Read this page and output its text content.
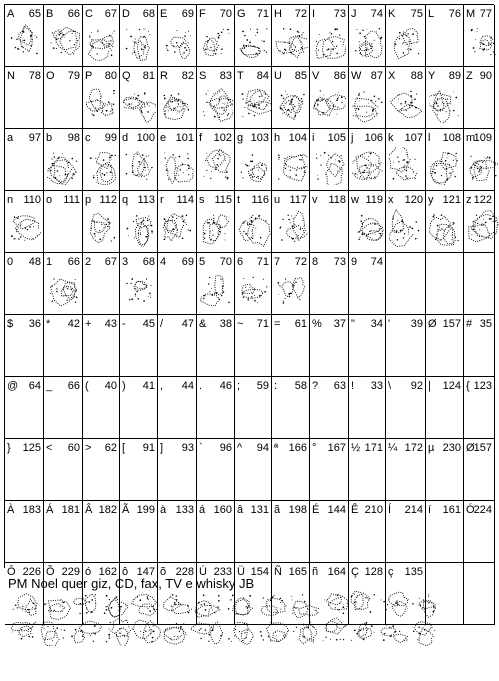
A 65 B 66 C 67 D 68 E 69 F 70 G 71 H 72 I 73 J 74 K 75 L 76 M 77
N 78 O 79 P 80 Q 81 R 82 S 83 T 84 U 85 V 86 W 87 X 88 Y 89 Z 90
a 97 b 98 c 99 d 100 e 101 f 102 g 103 h 104 i 105 j 106 k 107 l 108 m
109
n 110 o 111 p 112 q 113 r 114 s 115 t 116 u 117 v 118 w 119 x 120 y 121 z 122
0 48 1 66 2 67 3 68 4 69 5 70 6 71 7 72 8 73 9 74
$ 36 * 42 + 43 - 45 / 47 & 38 ~ 71 = 61 % 37 " 34 ' 39 Ø 157 # 35
@ 64 _ 66 ( 40 ) 41 , 44 . 46 ; 59 : 58 ? 63 ! 33 \ 92 | 124 { 123
} 125 < 60 > 62 [ 91 ] 93 ` 96 ^ 94 ª 166 ° 167 ½ 171 ¼ 172 µ 230 Ø 157
À 183 Á 181 Â 182 Ã 199 à 133 á 160 â 131 ã 198 É 144 Ê 210 Í 214 í 161 Ó 224
Ô 226 Õ 229 ó 162 ô 147 õ 228 Ú 233 Ü 154 Ñ 165 ñ 164 Ç 128 ç 135
PM Noel quer giz, CD, fax, TV e whisky JB
